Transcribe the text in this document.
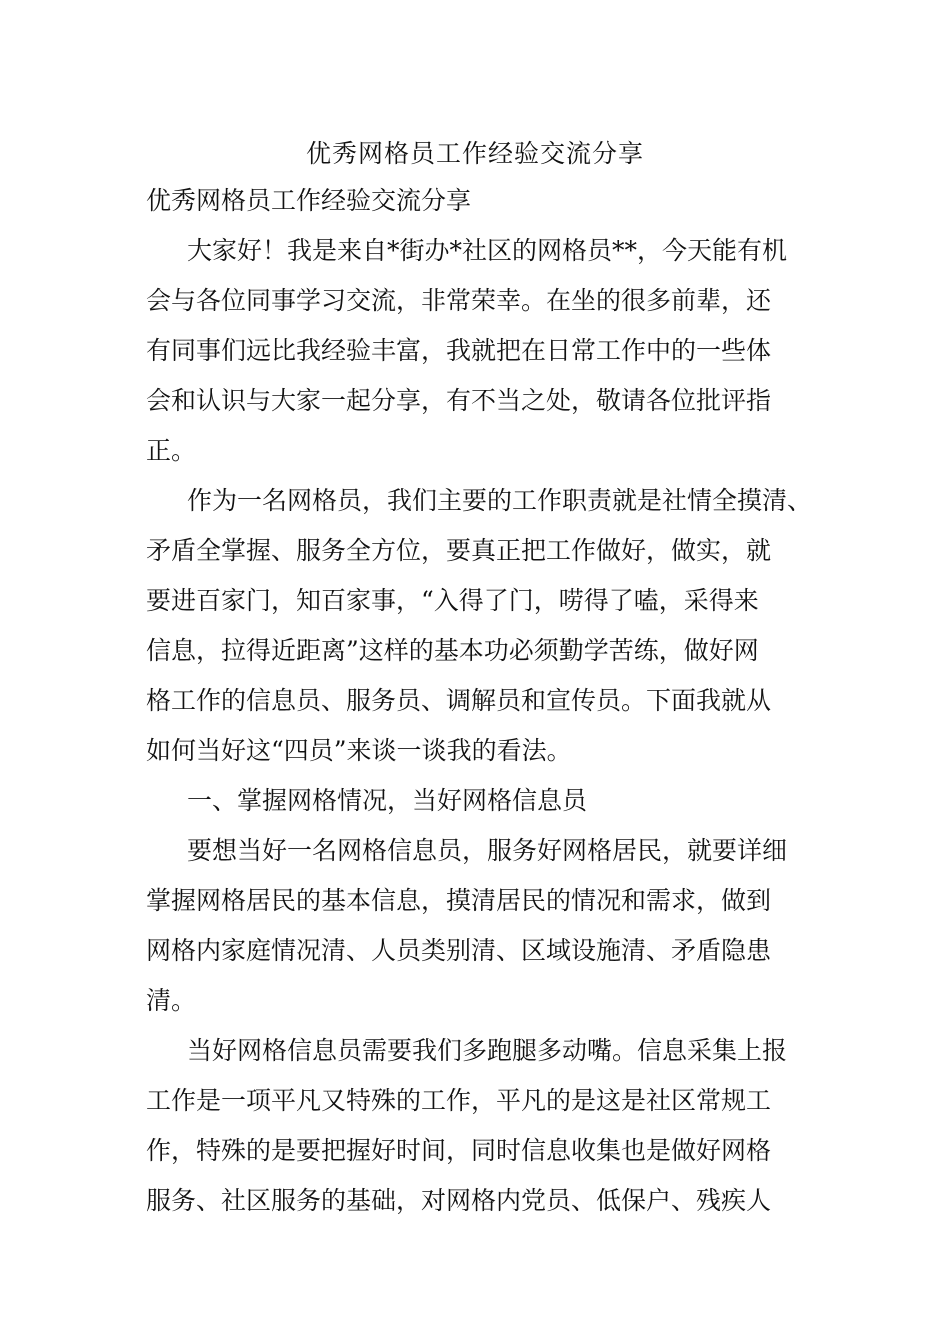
优秀网格员工作经验交流分享
优秀网格员工作经验交流分享
大家好！我是来自*街办*社区的网格员**，今天能有机
会与各位同事学习交流，非常荣幸。在坐的很多前辈，还
有同事们远比我经验丰富，我就把在日常工作中的一些体
会和认识与大家一起分享，有不当之处，敬请各位批评指
正。
作为一名网格员，我们主要的工作职责就是社情全摸清、
矛盾全掌握、服务全方位，要真正把工作做好，做实，就
要进百家门，知百家事，“入得了门，唠得了嗑，采得来
信息，拉得近距离”这样的基本功必须勤学苦练，做好网
格工作的信息员、服务员、调解员和宣传员。下面我就从
如何当好这“四员”来谈一谈我的看法。
一、掌握网格情况，当好网格信息员
要想当好一名网格信息员，服务好网格居民，就要详细
掌握网格居民的基本信息，摸清居民的情况和需求，做到
网格内家庭情况清、人员类别清、区域设施清、矛盾隐患
清。
当好网格信息员需要我们多跑腿多动嘴。信息采集上报
工作是一项平凡又特殊的工作，平凡的是这是社区常规工
作，特殊的是要把握好时间，同时信息收集也是做好网格
服务、社区服务的基础，对网格内党员、低保户、残疾人
